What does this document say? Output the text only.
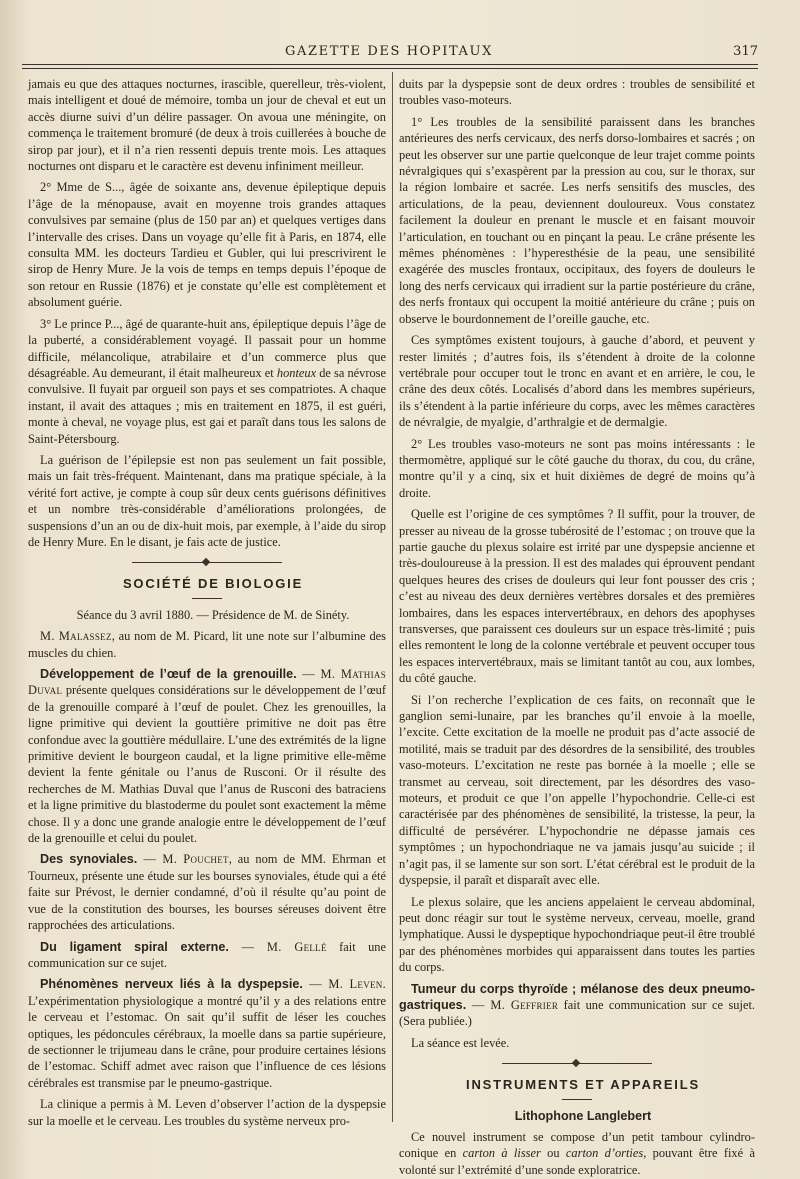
GAZETTE DES HOPITAUX	317

jamais eu que des attaques nocturnes, irascible, querelleur, très-violent, mais intelligent et doué de mémoire, tomba un jour de cheval et eut un accès diurne suivi d’un délire passager. On avoua une méningite, on commença le traitement bromuré (de deux à trois cuillerées à bouche de sirop par jour), et il n’a rien ressenti depuis trente mois. Les attaques nocturnes ont disparu et le caractère est devenu infiniment meilleur.

2° Mme de S..., âgée de soixante ans, devenue épileptique depuis l’âge de la ménopause, avait en moyenne trois grandes attaques convulsives par semaine (plus de 150 par an) et quelques vertiges dans l’intervalle des crises. Dans un voyage qu’elle fit à Paris, en 1874, elle consulta MM. les docteurs Tardieu et Gubler, qui lui prescrivirent le sirop de Henry Mure. Je la vois de temps en temps depuis l’époque de son retour en Russie (1876) et je constate qu’elle est complètement et absolument guérie.

3° Le prince P..., âgé de quarante-huit ans, épileptique depuis l’âge de la puberté, a considérablement voyagé. Il passait pour un homme difficile, mélancolique, atrabilaire et d’un commerce plus que désagréable. Au demeurant, il était malheureux et honteux de sa névrose convulsive. Il fuyait par orgueil son pays et ses compatriotes. A chaque instant, il avait des attaques ; mis en traitement en 1875, il est guéri, monte à cheval, ne voyage plus, est gai et paraît dans tous les salons de Saint-Pétersbourg.

La guérison de l’épilepsie est non pas seulement un fait possible, mais un fait très-fréquent. Maintenant, dans ma pratique spéciale, à la vérité fort active, je compte à coup sûr deux cents guérisons définitives et un nombre très-considérable d’améliorations prolongées, de suspensions d’un an ou de dix-huit mois, par exemple, à l’aide du sirop de Henry Mure. En le disant, je fais acte de justice.

SOCIÉTÉ DE BIOLOGIE

Séance du 3 avril 1880. — Présidence de M. de Sinéty.

M. Malassez, au nom de M. Picard, lit une note sur l’albumine des muscles du chien.

Développement de l’œuf de la grenouille. — M. Mathias Duval présente quelques considérations sur le développement de l’œuf de la grenouille comparé à l’œuf de poulet. Chez les grenouilles, la ligne primitive qui devient la gouttière primitive ne doit pas être confondue avec la gouttière médullaire. L’une des extrémités de la ligne primitive devient le bourgeon caudal, et la ligne primitive elle-même devient la fente génitale ou l’anus de Rusconi. Or il résulte des recherches de M. Mathias Duval que l’anus de Rusconi des batraciens et la ligne primitive du blastoderme du poulet sont exactement la même chose. Il y a donc une grande analogie entre le développement de l’œuf de la grenouille et celui du poulet.

Des synoviales. — M. Pouchet, au nom de MM. Ehrman et Tourneux, présente une étude sur les bourses synoviales, étude qui a été faite sur Prévost, le dernier condamné, d’où il résulte qu’au point de vue de la constitution des bourses, les bourses séreuses doivent être rapprochées des articulations.

Du ligament spiral externe. — M. Gellé fait une communication sur ce sujet.

Phénomènes nerveux liés à la dyspepsie. — M. Leven. L’expérimentation physiologique a montré qu’il y a des relations entre le cerveau et l’estomac. On sait qu’il suffit de léser les couches optiques, les pédoncules cérébraux, la moelle dans sa partie supérieure, de sectionner le trijumeau dans le crâne, pour produire certaines lésions de l’estomac. Schiff admet avec raison que l’influence de ces lésions cérébrales est transmise par le pneumo-gastrique.

La clinique a permis à M. Leven d’observer l’action de la dyspepsie sur la moelle et le cerveau. Les troubles du système nerveux pro-

duits par la dyspepsie sont de deux ordres : troubles de sensibilité et troubles vaso-moteurs.

1° Les troubles de la sensibilité paraissent dans les branches antérieures des nerfs cervicaux, des nerfs dorso-lombaires et sacrés ; on peut les observer sur une partie quelconque de leur trajet comme points névralgiques qui s’exaspèrent par la pression au cou, sur le thorax, sur la région lombaire et sacrée. Les nerfs sensitifs des muscles, des articulations, de la peau, deviennent douloureux. Vous constatez facilement la douleur en prenant le muscle et en faisant mouvoir l’articulation, en touchant ou en pinçant la peau. Le crâne présente les mêmes phénomènes : l’hyperesthésie de la peau, une sensibilité exagérée des muscles frontaux, occipitaux, des foyers de douleurs le long des nerfs cervicaux qui irradient sur la partie postérieure du crâne, des nerfs frontaux qui occupent la moitié antérieure du crâne ; puis on observe le bourdonnement de l’oreille gauche, etc.

Ces symptômes existent toujours, à gauche d’abord, et peuvent y rester limités ; d’autres fois, ils s’étendent à droite de la colonne vertébrale pour occuper tout le tronc en avant et en arrière, le cou, le crâne des deux côtés. Localisés d’abord dans les membres supérieurs, ils s’étendent à la partie inférieure du corps, avec les mêmes caractères de névralgie, de myalgie, d’arthralgie et de dermalgie.

2° Les troubles vaso-moteurs ne sont pas moins intéressants : le thermomètre, appliqué sur le côté gauche du thorax, du cou, du crâne, montre qu’il y a cinq, six et huit dixièmes de degré de moins qu’à droite.

Quelle est l’origine de ces symptômes ? Il suffit, pour la trouver, de presser au niveau de la grosse tubérosité de l’estomac ; on trouve que la partie gauche du plexus solaire est irrité par une dyspepsie ancienne et très-douloureuse à la pression. Il est des malades qui éprouvent pendant quelques heures des crises de douleurs qui leur font pousser des cris ; c’est au niveau des deux dernières vertèbres dorsales et des premières lombaires, dans les espaces intervertébraux, en dehors des apophyses transverses, que paraissent ces douleurs sur un espace très-limité ; puis elles remontent le long de la colonne vertébrale et peuvent occuper tous les espaces intervertébraux, mais se limitant tantôt au cou, aux lombes, du côté gauche.

Si l’on recherche l’explication de ces faits, on reconnaît que le ganglion semi-lunaire, par les branches qu’il envoie à la moelle, l’excite. Cette excitation de la moelle ne produit pas d’acte associé de motilité, mais se traduit par des désordres de la sensibilité, des troubles vaso-moteurs. L’excitation ne reste pas bornée à la moelle ; elle se transmet au cerveau, soit directement, par les désordres des vaso-moteurs, et produit ce que l’on appelle l’hypochondrie. Celle-ci est caractérisée par des phénomènes de sensibilité, la tristesse, la peur, la difficulté de persévérer. L’hypochondrie ne dépasse jamais ces symptômes ; un hypochondriaque ne va jamais jusqu’au suicide ; il n’agit pas, il se lamente sur son sort. L’état cérébral est le produit de la dyspepsie, il paraît et disparaît avec elle.

Le plexus solaire, que les anciens appelaient le cerveau abdominal, peut donc réagir sur tout le système nerveux, cerveau, moelle, grand lymphatique. Aussi le dyspeptique hypochondriaque peut-il être troublé par des phénomènes morbides qui apparaissent dans toutes les parties du corps.

Tumeur du corps thyroïde ; mélanose des deux pneumo-gastriques. — M. Geffrier fait une communication sur ce sujet. (Sera publiée.)

La séance est levée.

INSTRUMENTS ET APPAREILS

Lithophone Langlebert

Ce nouvel instrument se compose d’un petit tambour cylindro-conique en carton à lisser ou carton d’orties, pouvant être fixé à volonté sur l’extrémité d’une sonde exploratrice.
